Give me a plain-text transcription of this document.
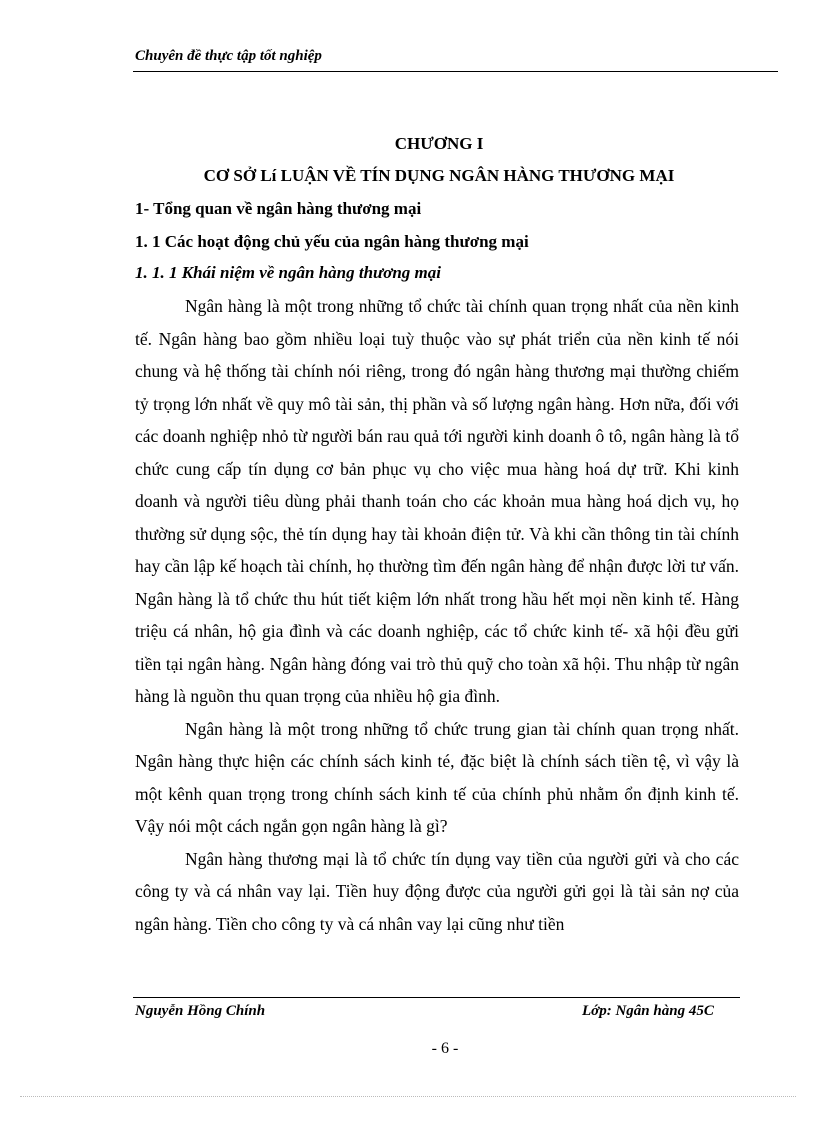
Chuyên đề thực tập tốt nghiệp
CHƯƠNG I
CƠ SỞ Lí LUẬN VỀ TÍN DỤNG NGÂN HÀNG THƯƠNG MẠI
1- Tổng quan về ngân hàng thương mại
1. 1 Các hoạt động chủ yếu của ngân hàng thương mại
1. 1. 1 Khái niệm về ngân hàng thương mại

Ngân hàng là một trong những tổ chức tài chính quan trọng nhất của nền kinh tế. Ngân hàng bao gồm nhiều loại tuỳ thuộc vào sự phát triển của nền kinh tế nói chung và hệ thống tài chính nói riêng, trong đó ngân hàng thương mại thường chiếm tỷ trọng lớn nhất về quy mô tài sản, thị phần và số lượng ngân hàng. Hơn nữa, đối với các doanh nghiệp nhỏ từ người bán rau quả tới người kinh doanh ô tô, ngân hàng là tổ chức cung cấp tín dụng cơ bản phục vụ cho việc mua hàng hoá dự trữ. Khi kinh doanh và người tiêu dùng phải thanh toán cho các khoản mua hàng hoá dịch vụ, họ thường sử dụng sộc, thẻ tín dụng hay tài khoản điện tử. Và khi cần thông tin tài chính hay cần lập kế hoạch tài chính, họ thường tìm đến ngân hàng để nhận được lời tư vấn. Ngân hàng là tổ chức thu hút tiết kiệm lớn nhất trong hầu hết mọi nền kinh tế. Hàng triệu cá nhân, hộ gia đình và các doanh nghiệp, các tổ chức kinh tế- xã hội đều gửi tiền tại ngân hàng. Ngân hàng đóng vai trò thủ quỹ cho toàn xã hội. Thu nhập từ ngân hàng là nguồn thu quan trọng của nhiều hộ gia đình.

Ngân hàng là một trong những tổ chức trung gian tài chính quan trọng nhất. Ngân hàng thực hiện các chính sách kinh té, đặc biệt là chính sách tiền tệ, vì vậy là một kênh quan trọng trong chính sách kinh tế của chính phủ nhằm ổn định kinh tế. Vậy nói một cách ngắn gọn ngân hàng là gì?

Ngân hàng thương mại là tổ chức tín dụng vay tiền của người gửi và cho các công ty và cá nhân vay lại. Tiền huy động được của người gửi gọi là tài sản nợ của ngân hàng. Tiền cho công ty và cá nhân vay lại cũng như tiền

Nguyễn Hồng Chính	Lớp: Ngân hàng 45C
- 6 -
